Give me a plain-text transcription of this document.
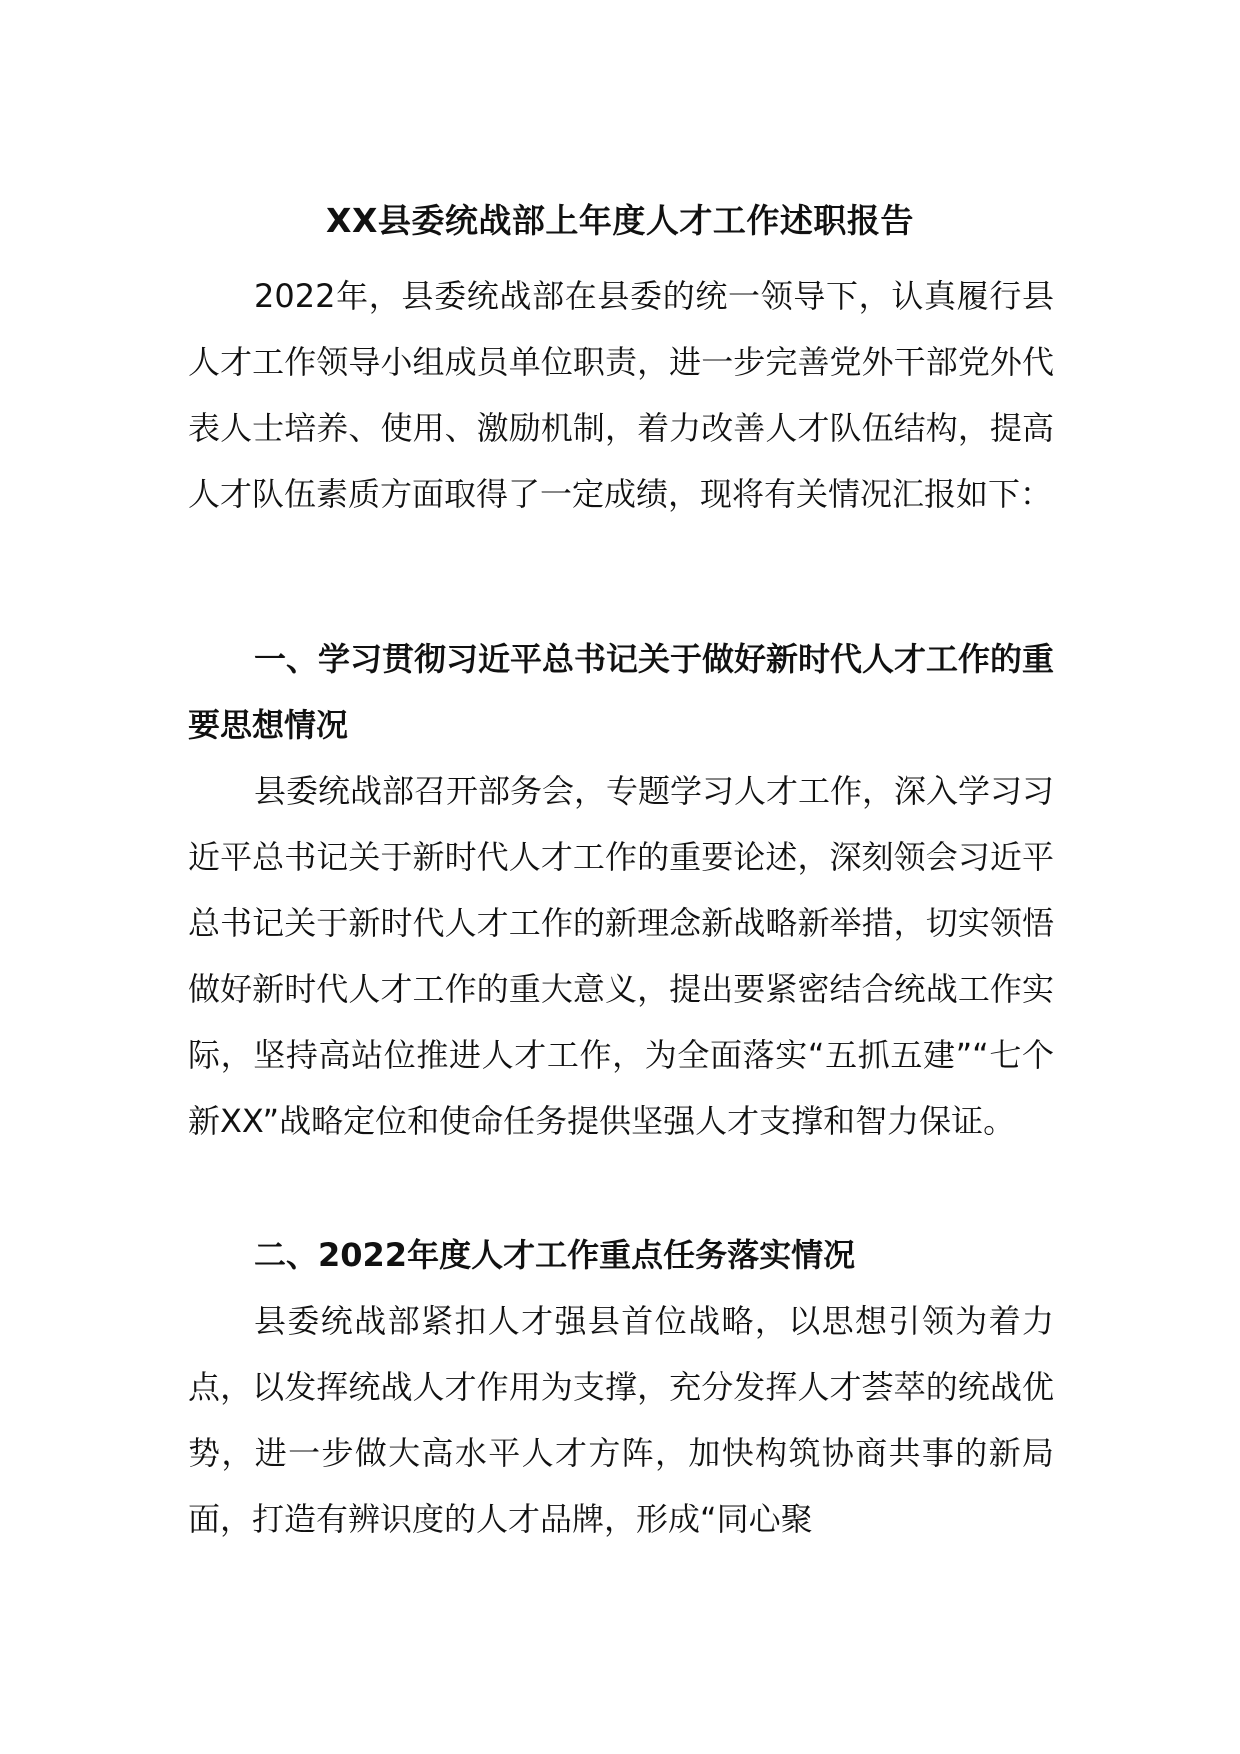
XX县委统战部上年度人才工作述职报告
2022年，县委统战部在县委的统一领导下，认真履行县人才工作领导小组成员单位职责，进一步完善党外干部党外代表人士培养、使用、激励机制，着力改善人才队伍结构，提高人才队伍素质方面取得了一定成绩，现将有关情况汇报如下：
一、学习贯彻习近平总书记关于做好新时代人才工作的重要思想情况
县委统战部召开部务会，专题学习人才工作，深入学习习近平总书记关于新时代人才工作的重要论述，深刻领会习近平总书记关于新时代人才工作的新理念新战略新举措，切实领悟做好新时代人才工作的重大意义，提出要紧密结合统战工作实际，坚持高站位推进人才工作，为全面落实“五抓五建”“七个新XX”战略定位和使命任务提供坚强人才支撑和智力保证。
二、2022年度人才工作重点任务落实情况
县委统战部紧扣人才强县首位战略，以思想引领为着力点，以发挥统战人才作用为支撑，充分发挥人才荟萃的统战优势，进一步做大高水平人才方阵，加快构筑协商共事的新局面，打造有辨识度的人才品牌，形成“同心聚
